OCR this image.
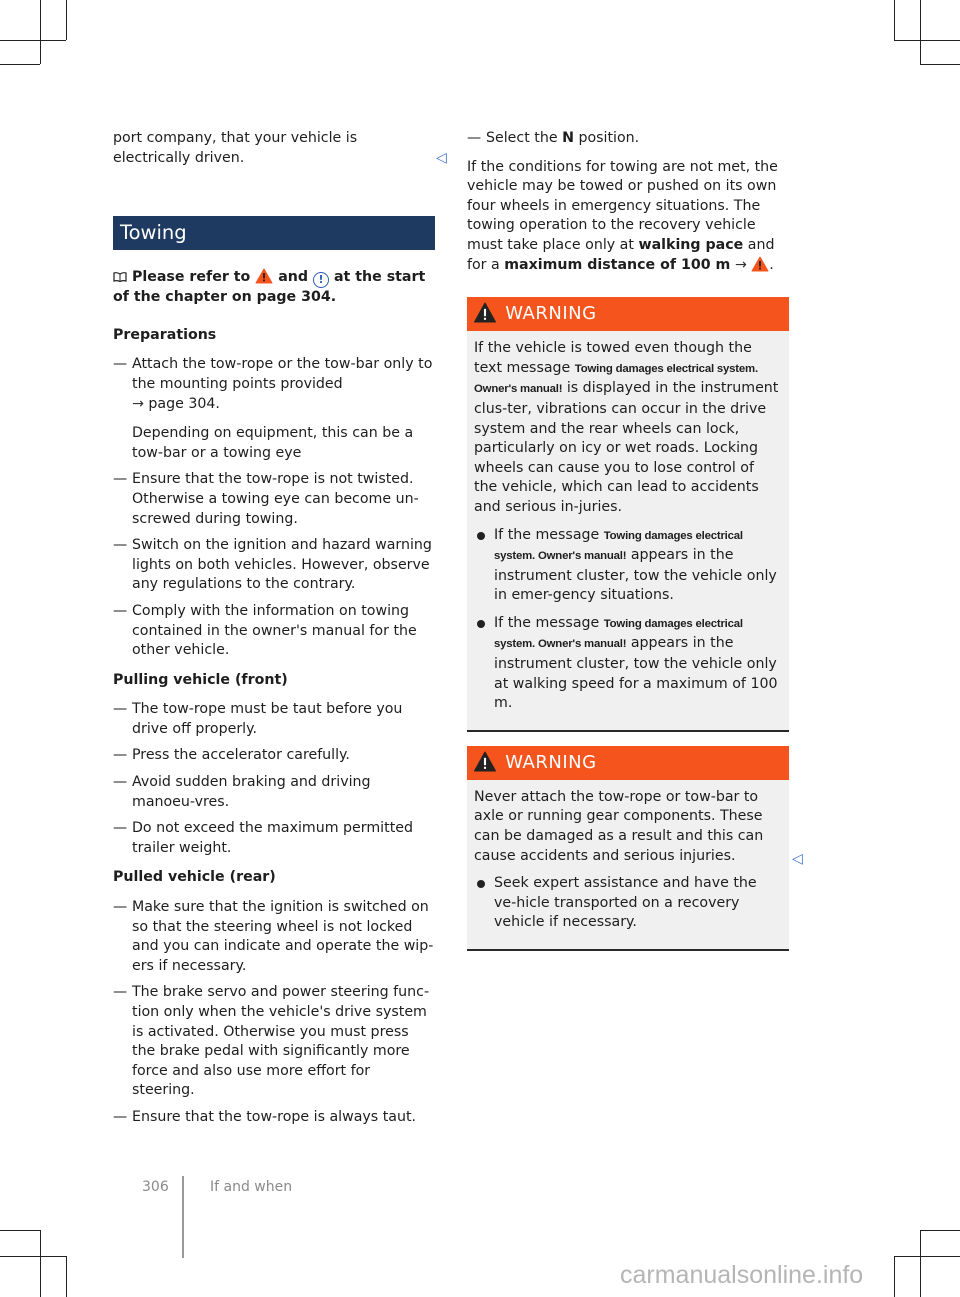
port company, that your vehicle is electrically driven.

Towing

Please refer to and ! at the start of the chapter on page 304.

Preparations

— Attach the tow-rope or the tow-bar only to the mounting points provided
→ page 304.

Depending on equipment, this can be a tow-bar or a towing eye

— Ensure that the tow-rope is not twisted. Otherwise a towing eye can become un-screwed during towing.
— Switch on the ignition and hazard warning lights on both vehicles. However, observe any regulations to the contrary.
— Comply with the information on towing contained in the owner's manual for the other vehicle.

Pulling vehicle (front)

— The tow-rope must be taut before you drive off properly.
— Press the accelerator carefully.
— Avoid sudden braking and driving manoeu-vres.
— Do not exceed the maximum permitted trailer weight.

Pulled vehicle (rear)

— Make sure that the ignition is switched on so that the steering wheel is not locked and you can indicate and operate the wip-ers if necessary.
— The brake servo and power steering func-tion only when the vehicle's drive system is activated. Otherwise you must press the brake pedal with significantly more force and also use more effort for steering.
— Ensure that the tow-rope is always taut.
◁
— Select the N position.

If the conditions for towing are not met, the vehicle may be towed or pushed on its own four wheels in emergency situations. The towing operation to the recovery vehicle must take place only at walking pace and for a maximum distance of 100 m → .

WARNING

If the vehicle is towed even though the text message Towing damages electrical system. Owner's manual! is displayed in the instrument clus-ter, vibrations can occur in the drive system and the rear wheels can lock, particularly on icy or wet roads. Locking wheels can cause you to lose control of the vehicle, which can lead to accidents and serious in-juries.

If the message Towing damages electrical system. Owner's manual! appears in the instrument cluster, tow the vehicle only in emer-gency situations.
If the message Towing damages electrical system. Owner's manual! appears in the instrument cluster, tow the vehicle only at walking speed for a maximum of 100 m.
WARNING

Never attach the tow-rope or tow-bar to axle or running gear components. These can be damaged as a result and this can cause accidents and serious injuries.

Seek expert assistance and have the ve-hicle transported on a recovery vehicle if necessary.
◁
306	If and when
carmanualsonline.info
